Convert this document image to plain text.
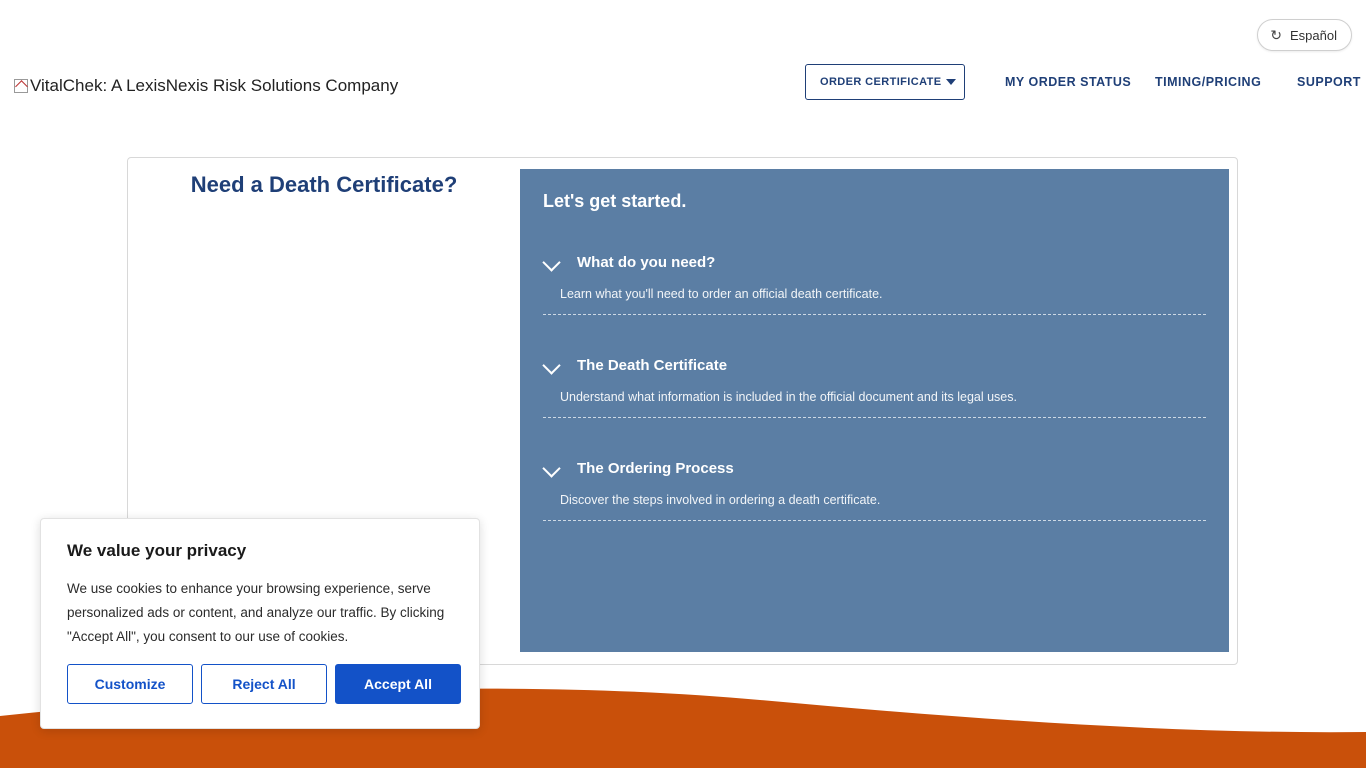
↻ Español
VitalChek: A LexisNexis Risk Solutions Company	ORDER CERTIFICATE	MY ORDER STATUS TIMING/PRICING	SUPPORT
Need a Death Certificate?
Let's get started.
What do you need?
Learn what you'll need to order an official death certificate.
The Death Certificate
Understand what information is included in the official document and its legal uses.
The Ordering Process
Discover the steps involved in ordering a death certificate.
We value your privacy

We use cookies to enhance your browsing experience, serve personalized ads or content, and analyze our traffic. By clicking "Accept All", you consent to our use of cookies.

Customize	Reject All	Accept All
